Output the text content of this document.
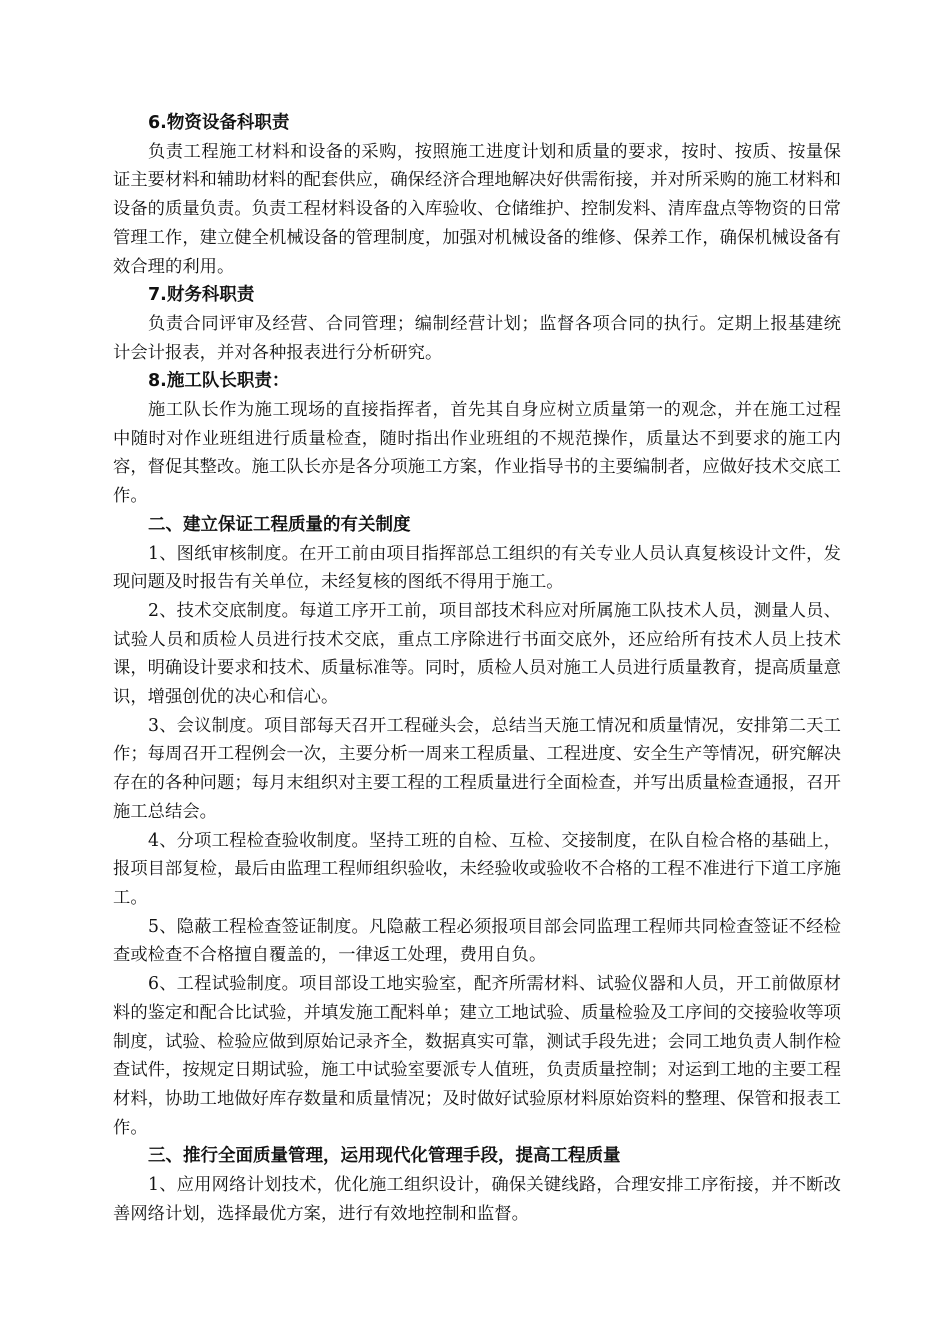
6.物资设备科职责

负责工程施工材料和设备的采购，按照施工进度计划和质量的要求，按时、按质、按量保证主要材料和辅助材料的配套供应，确保经济合理地解决好供需衔接，并对所采购的施工材料和设备的质量负责。负责工程材料设备的入库验收、仓储维护、控制发料、清库盘点等物资的日常管理工作，建立健全机械设备的管理制度，加强对机械设备的维修、保养工作，确保机械设备有效合理的利用。

7.财务科职责

负责合同评审及经营、合同管理；编制经营计划；监督各项合同的执行。定期上报基建统计会计报表，并对各种报表进行分析研究。

8.施工队长职责：

施工队长作为施工现场的直接指挥者，首先其自身应树立质量第一的观念，并在施工过程中随时对作业班组进行质量检查，随时指出作业班组的不规范操作，质量达不到要求的施工内容，督促其整改。施工队长亦是各分项施工方案，作业指导书的主要编制者，应做好技术交底工作。

二、建立保证工程质量的有关制度

1、图纸审核制度。在开工前由项目指挥部总工组织的有关专业人员认真复核设计文件，发现问题及时报告有关单位，未经复核的图纸不得用于施工。

2、技术交底制度。每道工序开工前，项目部技术科应对所属施工队技术人员，测量人员、试验人员和质检人员进行技术交底，重点工序除进行书面交底外，还应给所有技术人员上技术课，明确设计要求和技术、质量标准等。同时，质检人员对施工人员进行质量教育，提高质量意识，增强创优的决心和信心。

3、会议制度。项目部每天召开工程碰头会，总结当天施工情况和质量情况，安排第二天工作；每周召开工程例会一次，主要分析一周来工程质量、工程进度、安全生产等情况，研究解决存在的各种问题；每月末组织对主要工程的工程质量进行全面检查，并写出质量检查通报，召开施工总结会。

4、分项工程检查验收制度。坚持工班的自检、互检、交接制度，在队自检合格的基础上，报项目部复检，最后由监理工程师组织验收，未经验收或验收不合格的工程不准进行下道工序施工。

5、隐蔽工程检查签证制度。凡隐蔽工程必须报项目部会同监理工程师共同检查签证不经检查或检查不合格擅自覆盖的，一律返工处理，费用自负。

6、工程试验制度。项目部设工地实验室，配齐所需材料、试验仪器和人员，开工前做原材料的鉴定和配合比试验，并填发施工配料单；建立工地试验、质量检验及工序间的交接验收等项制度，试验、检验应做到原始记录齐全，数据真实可靠，测试手段先进；会同工地负责人制作检查试件，按规定日期试验，施工中试验室要派专人值班，负责质量控制；对运到工地的主要工程材料，协助工地做好库存数量和质量情况；及时做好试验原材料原始资料的整理、保管和报表工作。

三、推行全面质量管理，运用现代化管理手段，提高工程质量

1、应用网络计划技术，优化施工组织设计，确保关键线路，合理安排工序衔接，并不断改善网络计划，选择最优方案，进行有效地控制和监督。
